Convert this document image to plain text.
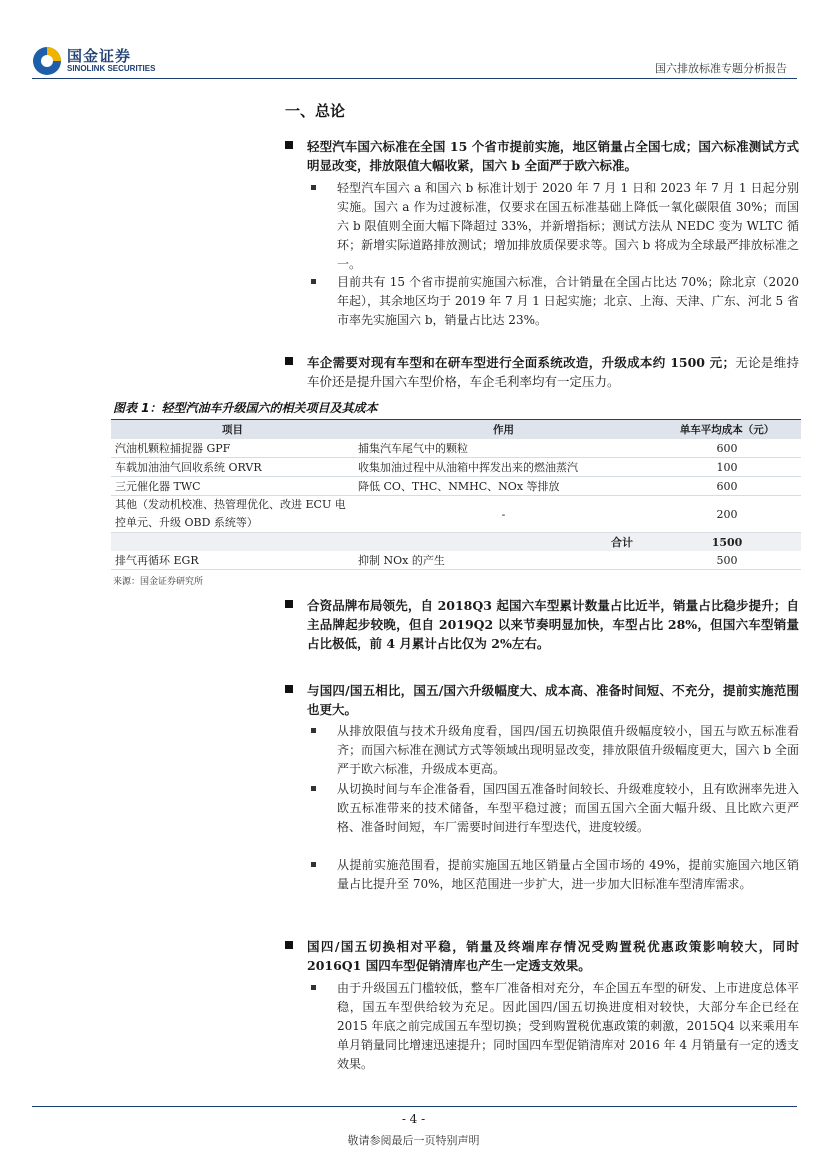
国金证券
SINOLINK SECURITIES	国六排放标准专题分析报告
一、总论
轻型汽车国六标准在全国 15 个省市提前实施，地区销量占全国七成；国六标准测试方式明显改变，排放限值大幅收紧，国六 b 全面严于欧六标准。
轻型汽车国六 a 和国六 b 标准计划于 2020 年 7 月 1 日和 2023 年 7 月 1 日起分别实施。国六 a 作为过渡标准，仅要求在国五标准基础上降低一氧化碳限值 30%；而国六 b 限值则全面大幅下降超过 33%，并新增指标；测试方法从 NEDC 变为 WLTC 循环；新增实际道路排放测试；增加排放质保要求等。国六 b 将成为全球最严排放标准之一。
目前共有 15 个省市提前实施国六标准，合计销量在全国占比达 70%；除北京（2020 年起），其余地区均于 2019 年 7 月 1 日起实施；北京、上海、天津、广东、河北 5 省市率先实施国六 b，销量占比达 23%。
车企需要对现有车型和在研车型进行全面系统改造，升级成本约 1500 元；无论是维持车价还是提升国六车型价格，车企毛利率均有一定压力。
图表 1：轻型汽油车升级国六的相关项目及其成本
项目	作用	单车平均成本（元）
汽油机颗粒捕捉器 GPF	捕集汽车尾气中的颗粒	600
车载加油油气回收系统 ORVR	收集加油过程中从油箱中挥发出来的燃油蒸汽	100
三元催化器 TWC	降低 CO、THC、NMHC、NOx 等排放	600
其他（发动机校准、热管理优化、改进 ECU 电控单元、升级 OBD 系统等）	-	200
	合计	1500
排气再循环 EGR	抑制 NOx 的产生	500
来源：国金证券研究所
合资品牌布局领先，自 2018Q3 起国六车型累计数量占比近半，销量占比稳步提升；自主品牌起步较晚，但自 2019Q2 以来节奏明显加快，车型占比 28%，但国六车型销量占比极低，前 4 月累计占比仅为 2%左右。
与国四/国五相比，国五/国六升级幅度大、成本高、准备时间短、不充分，提前实施范围也更大。
从排放限值与技术升级角度看，国四/国五切换限值升级幅度较小，国五与欧五标准看齐；而国六标准在测试方式等领域出现明显改变，排放限值升级幅度更大，国六 b 全面严于欧六标准，升级成本更高。
从切换时间与车企准备看，国四国五准备时间较长、升级难度较小，且有欧洲率先进入欧五标准带来的技术储备，车型平稳过渡；而国五国六全面大幅升级、且比欧六更严格、准备时间短，车厂需要时间进行车型迭代，进度较缓。
从提前实施范围看，提前实施国五地区销量占全国市场的 49%，提前实施国六地区销量占比提升至 70%，地区范围进一步扩大，进一步加大旧标准车型清库需求。
国四/国五切换相对平稳，销量及终端库存情况受购置税优惠政策影响较大，同时 2016Q1 国四车型促销清库也产生一定透支效果。
由于升级国五门槛较低，整车厂准备相对充分，车企国五车型的研发、上市进度总体平稳，国五车型供给较为充足。因此国四/国五切换进度相对较快，大部分车企已经在 2015 年底之前完成国五车型切换；受到购置税优惠政策的刺激，2015Q4 以来乘用车单月销量同比增速迅速提升；同时国四车型促销清库对 2016 年 4 月销量有一定的透支效果。
- 4 -
敬请参阅最后一页特别声明
